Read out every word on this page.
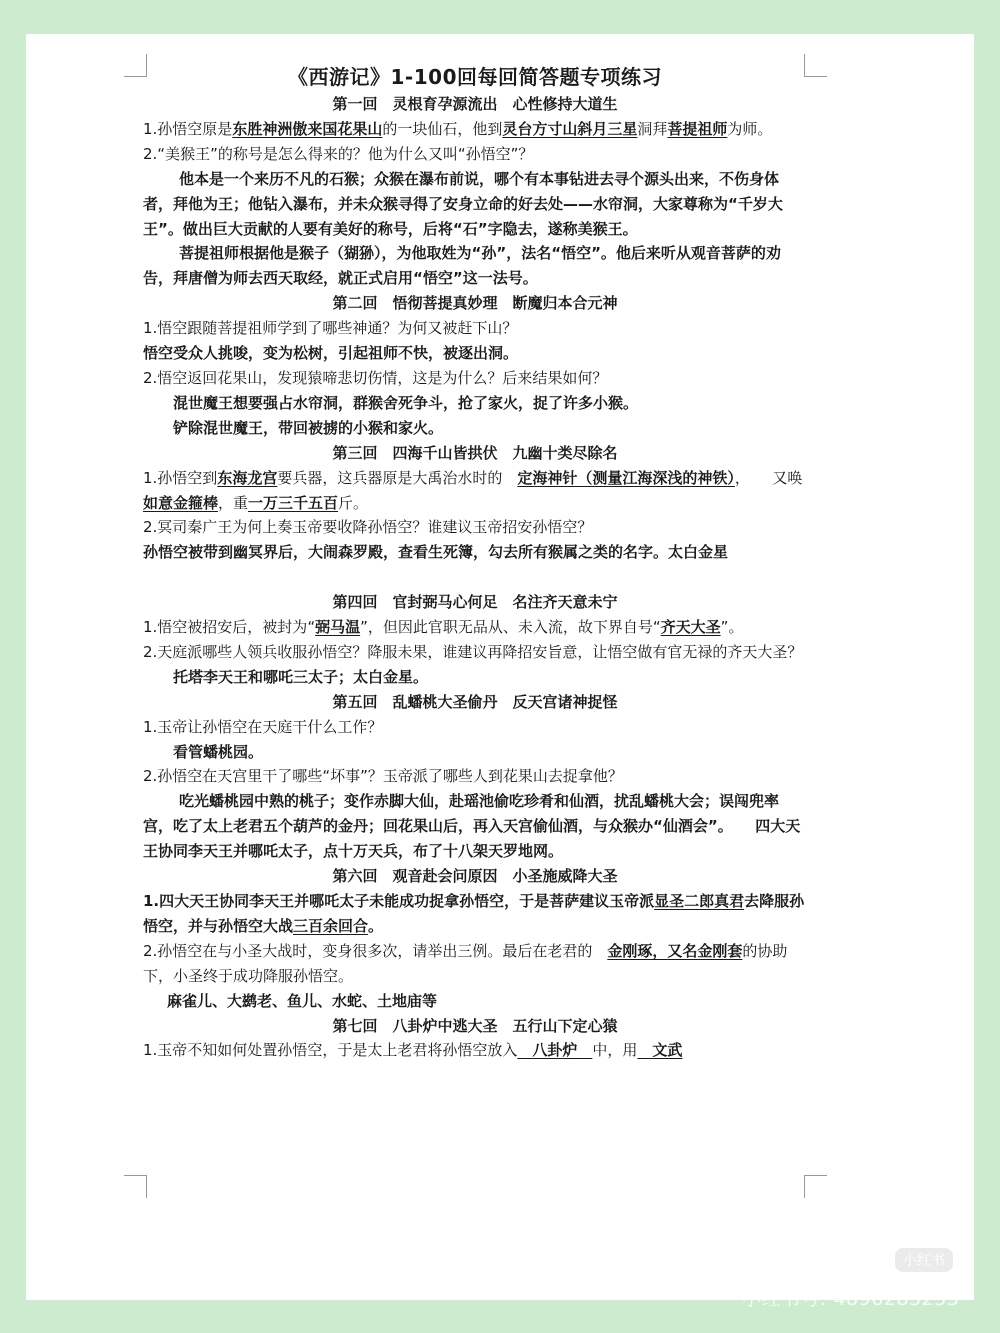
《西游记》1-100回每回简答题专项练习

第一回　灵根育孕源流出　心性修持大道生

1.孙悟空原是东胜神洲傲来国花果山的一块仙石，他到灵台方寸山斜月三星洞拜菩提祖师为师。

2.“美猴王”的称号是怎么得来的？他为什么又叫“孙悟空”？

他本是一个来历不凡的石猴；众猴在瀑布前说，哪个有本事钻进去寻个源头出来，不伤身体者，拜他为王；他钻入瀑布，并未众猴寻得了安身立命的好去处——水帘洞，大家尊称为“千岁大王”。做出巨大贡献的人要有美好的称号，后将“石”字隐去，遂称美猴王。

菩提祖师根据他是猴子（猢狲），为他取姓为“孙”，法名“悟空”。他后来听从观音菩萨的劝告，拜唐僧为师去西天取经，就正式启用“悟空”这一法号。

第二回　悟彻菩提真妙理　断魔归本合元神

1.悟空跟随菩提祖师学到了哪些神通？为何又被赶下山？

悟空受众人挑唆，变为松树，引起祖师不快，被逐出洞。

2.悟空返回花果山，发现猿啼悲切伤情，这是为什么？后来结果如何？

混世魔王想要强占水帘洞，群猴舍死争斗，抢了家火，捉了许多小猴。

铲除混世魔王，带回被掳的小猴和家火。

第三回　四海千山皆拱伏　九幽十类尽除名

1.孙悟空到东海龙宫要兵器，这兵器原是大禹治水时的　定海神针（测量江海深浅的神铁），　　又唤如意金箍棒，重一万三千五百斤。

2.冥司秦广王为何上奏玉帝要收降孙悟空？谁建议玉帝招安孙悟空？

孙悟空被带到幽冥界后，大闹森罗殿，查看生死簿，勾去所有猴属之类的名字。太白金星

第四回　官封弼马心何足　名注齐天意未宁

1.悟空被招安后，被封为“弼马温”，但因此官职无品从、未入流，故下界自号“齐天大圣”。

2.天庭派哪些人领兵收服孙悟空？降服未果，谁建议再降招安旨意，让悟空做有官无禄的齐天大圣？

托塔李天王和哪吒三太子；太白金星。

第五回　乱蟠桃大圣偷丹　反天宫诸神捉怪

1.玉帝让孙悟空在天庭干什么工作？

看管蟠桃园。

2.孙悟空在天宫里干了哪些“坏事”？玉帝派了哪些人到花果山去捉拿他？

吃光蟠桃园中熟的桃子；变作赤脚大仙，赴瑶池偷吃珍肴和仙酒，扰乱蟠桃大会；误闯兜率宫，吃了太上老君五个葫芦的金丹；回花果山后，再入天宫偷仙酒，与众猴办“仙酒会”。　　四大天王协同李天王并哪吒太子，点十万天兵，布了十八架天罗地网。

第六回　观音赴会问原因　小圣施威降大圣

1.四大天王协同李天王并哪吒太子未能成功捉拿孙悟空，于是菩萨建议玉帝派显圣二郎真君去降服孙悟空，并与孙悟空大战三百余回合。

2.孙悟空在与小圣大战时，变身很多次，请举出三例。最后在老君的　金刚琢，又名金刚套的协助下，小圣终于成功降服孙悟空。

麻雀儿、大鹚老、鱼儿、水蛇、土地庙等

第七回　八卦炉中逃大圣　五行山下定心猿

1.玉帝不知如何处置孙悟空，于是太上老君将孙悟空放入　八卦炉　中，用　文武

小红书
小红书号: 4896283233
